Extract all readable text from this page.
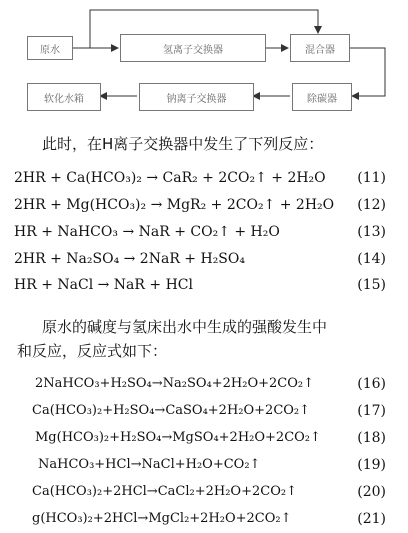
原水	氢离子交换器	混合器
软化水箱	钠离子交换器	除碳器
此时，在H离子交换器中发生了下列反应：
2HR + Ca(HCO₃)₂ → CaR₂ + 2CO₂↑ + 2H₂O (11)
2HR + Mg(HCO₃)₂ → MgR₂ + 2CO₂↑ + 2H₂O (12)
HR + NaHCO₃ → NaR + CO₂↑ + H₂O	(13)
2HR + Na₂SO₄ → 2NaR + H₂SO₄	(14)
HR + NaCl → NaR + HCl	(15)
原水的碱度与氢床出水中生成的强酸发生中
和反应，反应式如下：
2NaHCO₃+H₂SO₄→Na₂SO₄+2H₂O+2CO₂↑	(16)
Ca(HCO₃)₂+H₂SO₄→CaSO₄+2H₂O+2CO₂↑	(17)
Mg(HCO₃)₂+H₂SO₄→MgSO₄+2H₂O+2CO₂↑	(18)
NaHCO₃+HCl→NaCl+H₂O+CO₂↑	(19)
Ca(HCO₃)₂+2HCl→CaCl₂+2H₂O+2CO₂↑	(20)
g(HCO₃)₂+2HCl→MgCl₂+2H₂O+2CO₂↑	(21)
